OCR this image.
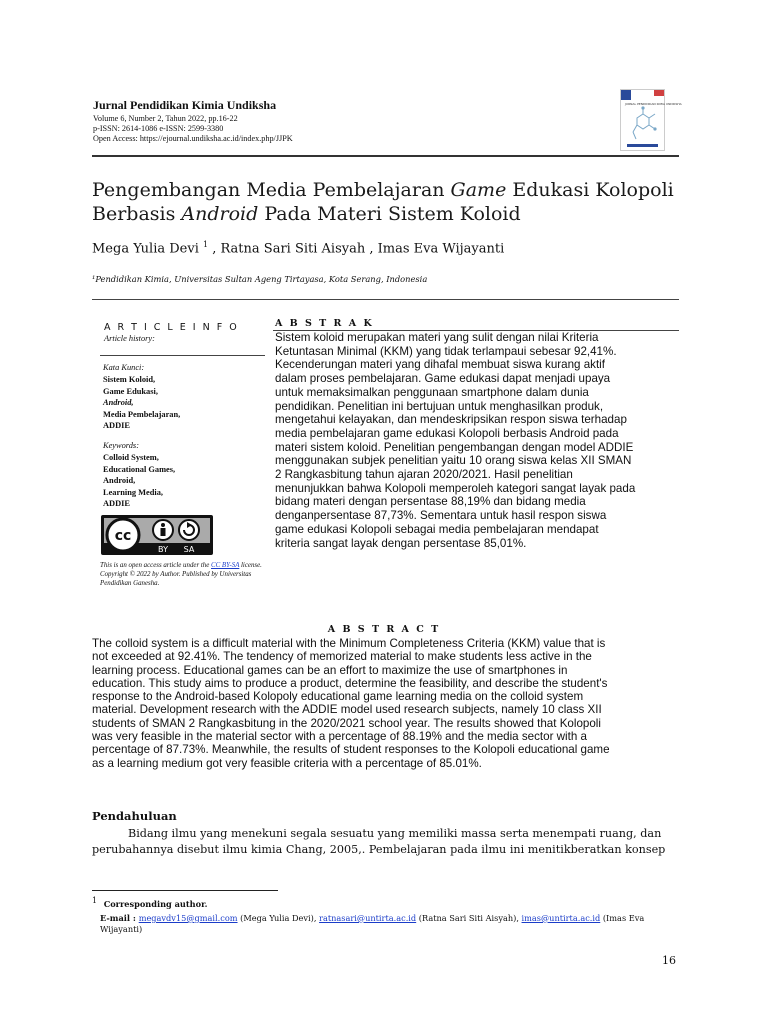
Jurnal Pendidikan Kimia Undiksha

Volume 6, Number 2, Tahun 2022, pp.16-22

p-ISSN: 2614-1086 e-ISSN: 2599-3380

Open Access: https://ejournal.undiksha.ac.id/index.php/JJPK

JURNAL PENDIDIKAN KIMIA UNDIKSHA
Pengembangan Media Pembelajaran Game Edukasi Kolopoli
Berbasis Android Pada Materi Sistem Koloid
Mega Yulia Devi $^1$ , Ratna Sari Siti Aisyah , Imas Eva Wijayanti
¹Pendidikan Kimia, Universitas Sultan Ageng Tirtayasa, Kota Serang, Indonesia
A R T I C L E I N F O
Article history:
Kata Kunci:
Sistem Koloid,
Game Edukasi,
Android,
Media Pembelajaran,
ADDIE
Keywords:
Colloid System,
Educational Games,
Android,
Learning Media,
ADDIE
cc
BY SA
This is an open access article under the CC BY-SA license.
Copyright © 2022 by Author. Published by Universitas Pendidikan Ganesha.
A B S T R A K
Sistem koloid merupakan materi yang sulit dengan nilai Kriteria
Ketuntasan Minimal (KKM) yang tidak terlampaui sebesar 92,41%.
Kecenderungan materi yang dihafal membuat siswa kurang aktif
dalam proses pembelajaran. Game edukasi dapat menjadi upaya
untuk memaksimalkan penggunaan smartphone dalam dunia
pendidikan. Penelitian ini bertujuan untuk menghasilkan produk,
mengetahui kelayakan, dan mendeskripsikan respon siswa terhadap
media pembelajaran game edukasi Kolopoli berbasis Android pada
materi sistem koloid. Penelitian pengembangan dengan model ADDIE
menggunakan subjek penelitian yaitu 10 orang siswa kelas XII SMAN
2 Rangkasbitung tahun ajaran 2020/2021. Hasil penelitian
menunjukkan bahwa Kolopoli memperoleh kategori sangat layak pada
bidang materi dengan persentase 88,19% dan bidang media
denganpersentase 87,73%. Sementara untuk hasil respon siswa
game edukasi Kolopoli sebagai media pembelajaran mendapat
kriteria sangat layak dengan persentase 85,01%.
A B S T R A C T
The colloid system is a difficult material with the Minimum Completeness Criteria (KKM) value that is
not exceeded at 92.41%. The tendency of memorized material to make students less active in the
learning process. Educational games can be an effort to maximize the use of smartphones in
education. This study aims to produce a product, determine the feasibility, and describe the student's
response to the Android-based Kolopoly educational game learning media on the colloid system
material. Development research with the ADDIE model used research subjects, namely 10 class XII
students of SMAN 2 Rangkasbitung in the 2020/2021 school year. The results showed that Kolopoli
was very feasible in the material sector with a percentage of 88.19% and the media sector with a
percentage of 87.73%. Meanwhile, the results of student responses to the Kolopoli educational game
as a learning medium got very feasible criteria with a percentage of 85.01%.
Pendahuluan
Bidang ilmu yang menekuni segala sesuatu yang memiliki massa serta menempati ruang, dan
perubahannya disebut ilmu kimia Chang, 2005,. Pembelajaran pada ilmu ini menitikberatkan konsep
$^1$ Corresponding author.
E-mail : megavdv15@gmail.com (Mega Yulia Devi), ratnasari@untirta.ac.id (Ratna Sari Siti Aisyah), imas@untirta.ac.id (Imas Eva Wijayanti)
16
